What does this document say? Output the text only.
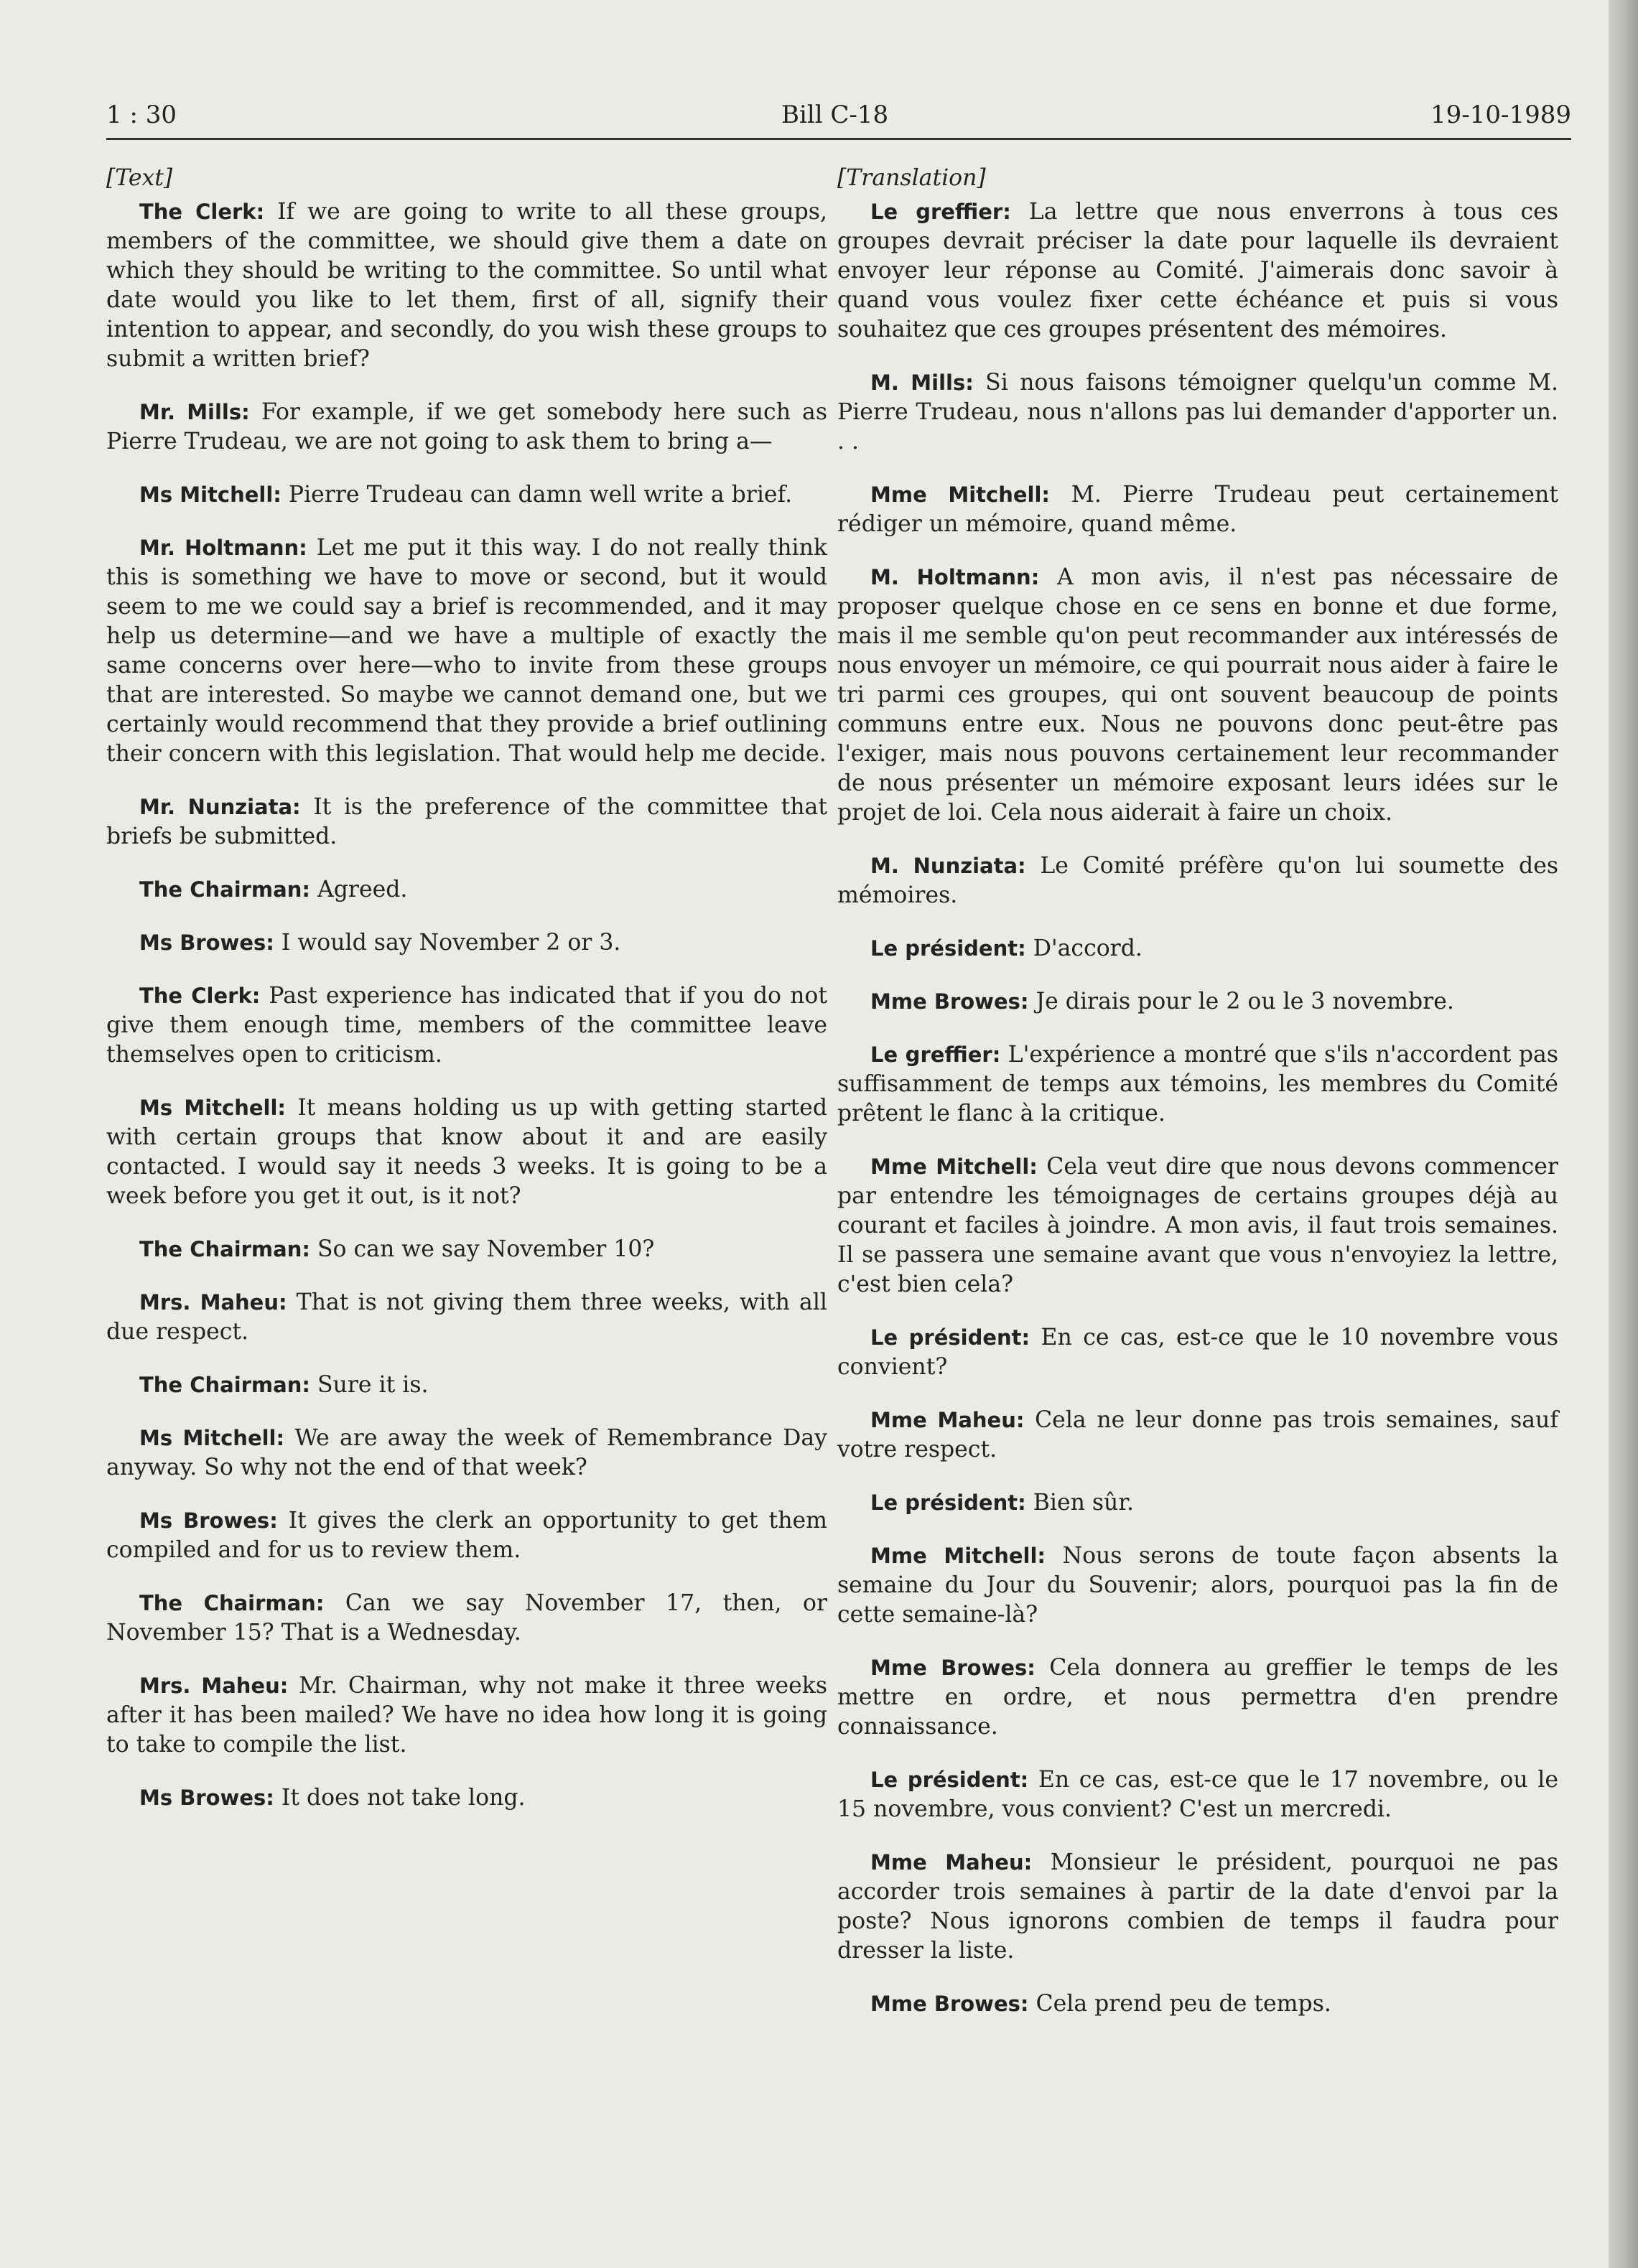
1 : 30	Bill C-18	19-10-1989
[Text]

The Clerk: If we are going to write to all these groups, members of the committee, we should give them a date on which they should be writing to the committee. So until what date would you like to let them, first of all, signify their intention to appear, and secondly, do you wish these groups to submit a written brief?

Mr. Mills: For example, if we get somebody here such as Pierre Trudeau, we are not going to ask them to bring a—

Ms Mitchell: Pierre Trudeau can damn well write a brief.

Mr. Holtmann: Let me put it this way. I do not really think this is something we have to move or second, but it would seem to me we could say a brief is recommended, and it may help us determine—and we have a multiple of exactly the same concerns over here—who to invite from these groups that are interested. So maybe we cannot demand one, but we certainly would recommend that they provide a brief outlining their concern with this legislation. That would help me decide.

Mr. Nunziata: It is the preference of the committee that briefs be submitted.

The Chairman: Agreed.

Ms Browes: I would say November 2 or 3.

The Clerk: Past experience has indicated that if you do not give them enough time, members of the committee leave themselves open to criticism.

Ms Mitchell: It means holding us up with getting started with certain groups that know about it and are easily contacted. I would say it needs 3 weeks. It is going to be a week before you get it out, is it not?

The Chairman: So can we say November 10?

Mrs. Maheu: That is not giving them three weeks, with all due respect.

The Chairman: Sure it is.

Ms Mitchell: We are away the week of Remembrance Day anyway. So why not the end of that week?

Ms Browes: It gives the clerk an opportunity to get them compiled and for us to review them.

The Chairman: Can we say November 17, then, or November 15? That is a Wednesday.

Mrs. Maheu: Mr. Chairman, why not make it three weeks after it has been mailed? We have no idea how long it is going to take to compile the list.

Ms Browes: It does not take long.

[Translation]

Le greffier: La lettre que nous enverrons à tous ces groupes devrait préciser la date pour laquelle ils devraient envoyer leur réponse au Comité. J'aimerais donc savoir à quand vous voulez fixer cette échéance et puis si vous souhaitez que ces groupes présentent des mémoires.

M. Mills: Si nous faisons témoigner quelqu'un comme M. Pierre Trudeau, nous n'allons pas lui demander d'apporter un. . .

Mme Mitchell: M. Pierre Trudeau peut certainement rédiger un mémoire, quand même.

M. Holtmann: A mon avis, il n'est pas nécessaire de proposer quelque chose en ce sens en bonne et due forme, mais il me semble qu'on peut recommander aux intéressés de nous envoyer un mémoire, ce qui pourrait nous aider à faire le tri parmi ces groupes, qui ont souvent beaucoup de points communs entre eux. Nous ne pouvons donc peut-être pas l'exiger, mais nous pouvons certainement leur recommander de nous présenter un mémoire exposant leurs idées sur le projet de loi. Cela nous aiderait à faire un choix.

M. Nunziata: Le Comité préfère qu'on lui soumette des mémoires.

Le président: D'accord.

Mme Browes: Je dirais pour le 2 ou le 3 novembre.

Le greffier: L'expérience a montré que s'ils n'accordent pas suffisamment de temps aux témoins, les membres du Comité prêtent le flanc à la critique.

Mme Mitchell: Cela veut dire que nous devons commencer par entendre les témoignages de certains groupes déjà au courant et faciles à joindre. A mon avis, il faut trois semaines. Il se passera une semaine avant que vous n'envoyiez la lettre, c'est bien cela?

Le président: En ce cas, est-ce que le 10 novembre vous convient?

Mme Maheu: Cela ne leur donne pas trois semaines, sauf votre respect.

Le président: Bien sûr.

Mme Mitchell: Nous serons de toute façon absents la semaine du Jour du Souvenir; alors, pourquoi pas la fin de cette semaine-là?

Mme Browes: Cela donnera au greffier le temps de les mettre en ordre, et nous permettra d'en prendre connaissance.

Le président: En ce cas, est-ce que le 17 novembre, ou le 15 novembre, vous convient? C'est un mercredi.

Mme Maheu: Monsieur le président, pourquoi ne pas accorder trois semaines à partir de la date d'envoi par la poste? Nous ignorons combien de temps il faudra pour dresser la liste.

Mme Browes: Cela prend peu de temps.
